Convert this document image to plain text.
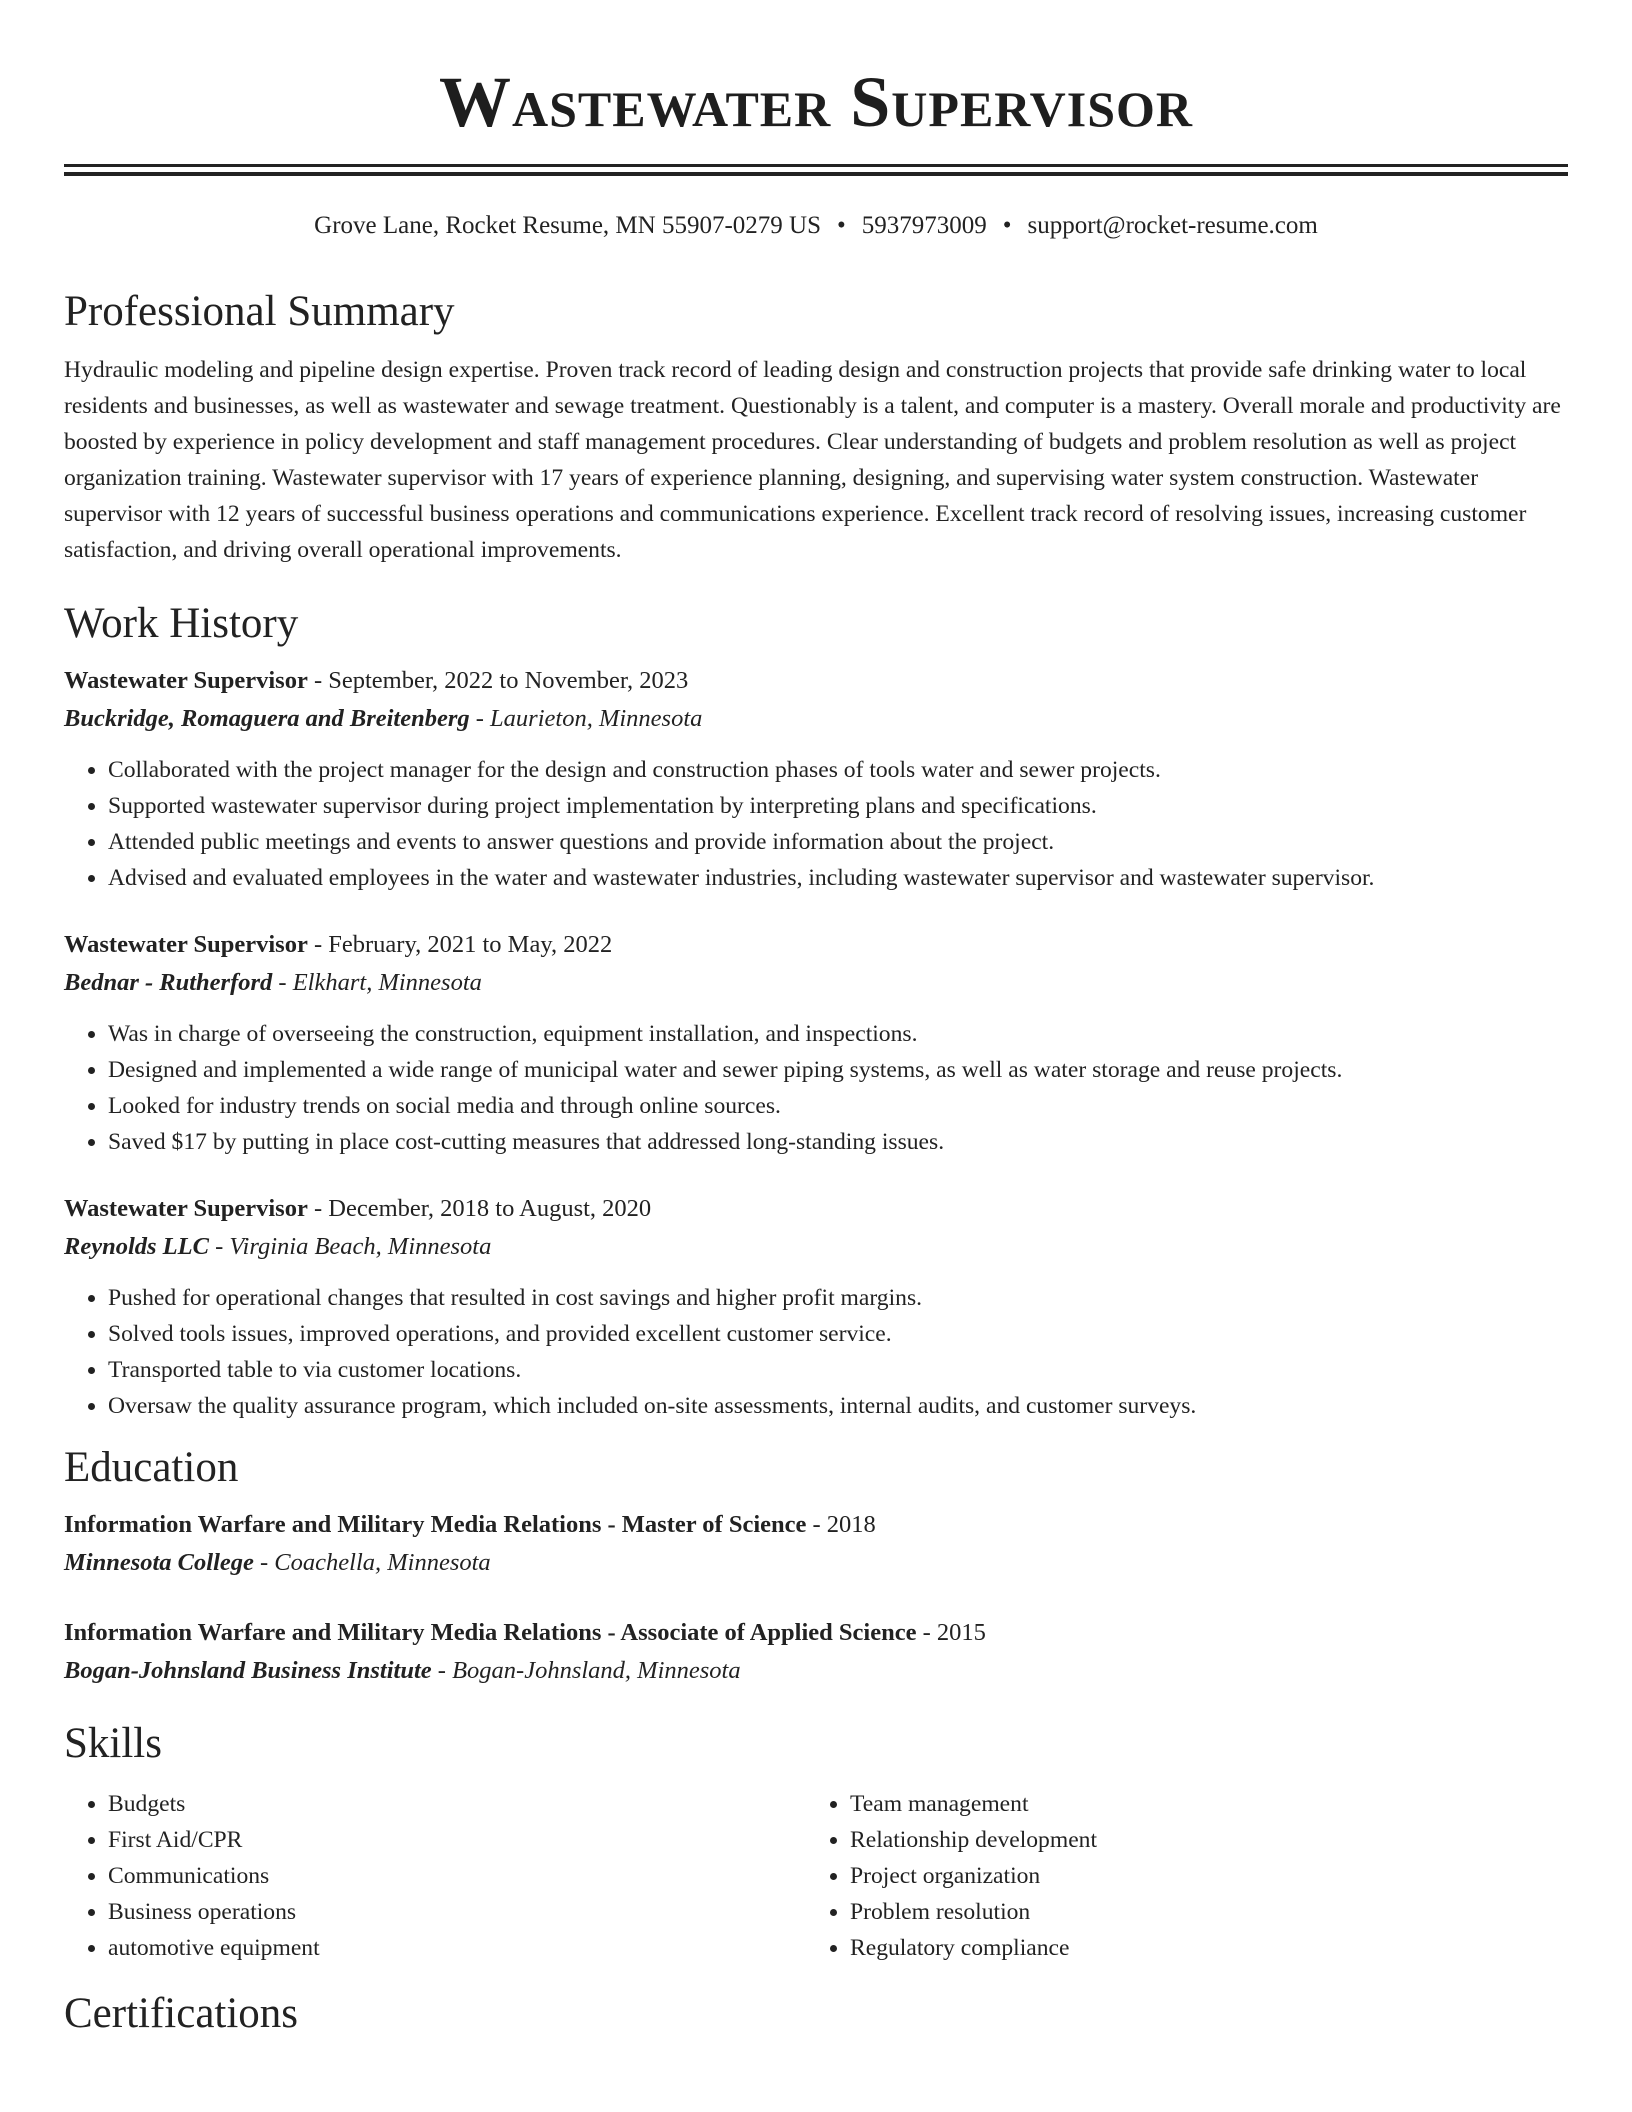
Wastewater Supervisor
Grove Lane, Rocket Resume, MN 55907-0279 US • 5937973009 • support@rocket-resume.com
Professional Summary
Hydraulic modeling and pipeline design expertise. Proven track record of leading design and construction projects that provide safe drinking water to local residents and businesses, as well as wastewater and sewage treatment. Questionably is a talent, and computer is a mastery. Overall morale and productivity are boosted by experience in policy development and staff management procedures. Clear understanding of budgets and problem resolution as well as project organization training. Wastewater supervisor with 17 years of experience planning, designing, and supervising water system construction. Wastewater supervisor with 12 years of successful business operations and communications experience. Excellent track record of resolving issues, increasing customer satisfaction, and driving overall operational improvements.
Work History
Wastewater Supervisor - September, 2022 to November, 2023
Buckridge, Romaguera and Breitenberg - Laurieton, Minnesota
• Collaborated with the project manager for the design and construction phases of tools water and sewer projects.
• Supported wastewater supervisor during project implementation by interpreting plans and specifications.
• Attended public meetings and events to answer questions and provide information about the project.
• Advised and evaluated employees in the water and wastewater industries, including wastewater supervisor and wastewater supervisor.
Wastewater Supervisor - February, 2021 to May, 2022
Bednar - Rutherford - Elkhart, Minnesota
• Was in charge of overseeing the construction, equipment installation, and inspections.
• Designed and implemented a wide range of municipal water and sewer piping systems, as well as water storage and reuse projects.
• Looked for industry trends on social media and through online sources.
• Saved $17 by putting in place cost-cutting measures that addressed long-standing issues.
Wastewater Supervisor - December, 2018 to August, 2020
Reynolds LLC - Virginia Beach, Minnesota
• Pushed for operational changes that resulted in cost savings and higher profit margins.
• Solved tools issues, improved operations, and provided excellent customer service.
• Transported table to via customer locations.
• Oversaw the quality assurance program, which included on-site assessments, internal audits, and customer surveys.
Education
Information Warfare and Military Media Relations - Master of Science - 2018
Minnesota College - Coachella, Minnesota
Information Warfare and Military Media Relations - Associate of Applied Science - 2015
Bogan-Johnsland Business Institute - Bogan-Johnsland, Minnesota
Skills
• Budgets
• First Aid/CPR
• Communications
• Business operations
• automotive equipment
• Team management
• Relationship development
• Project organization
• Problem resolution
• Regulatory compliance
Certifications
